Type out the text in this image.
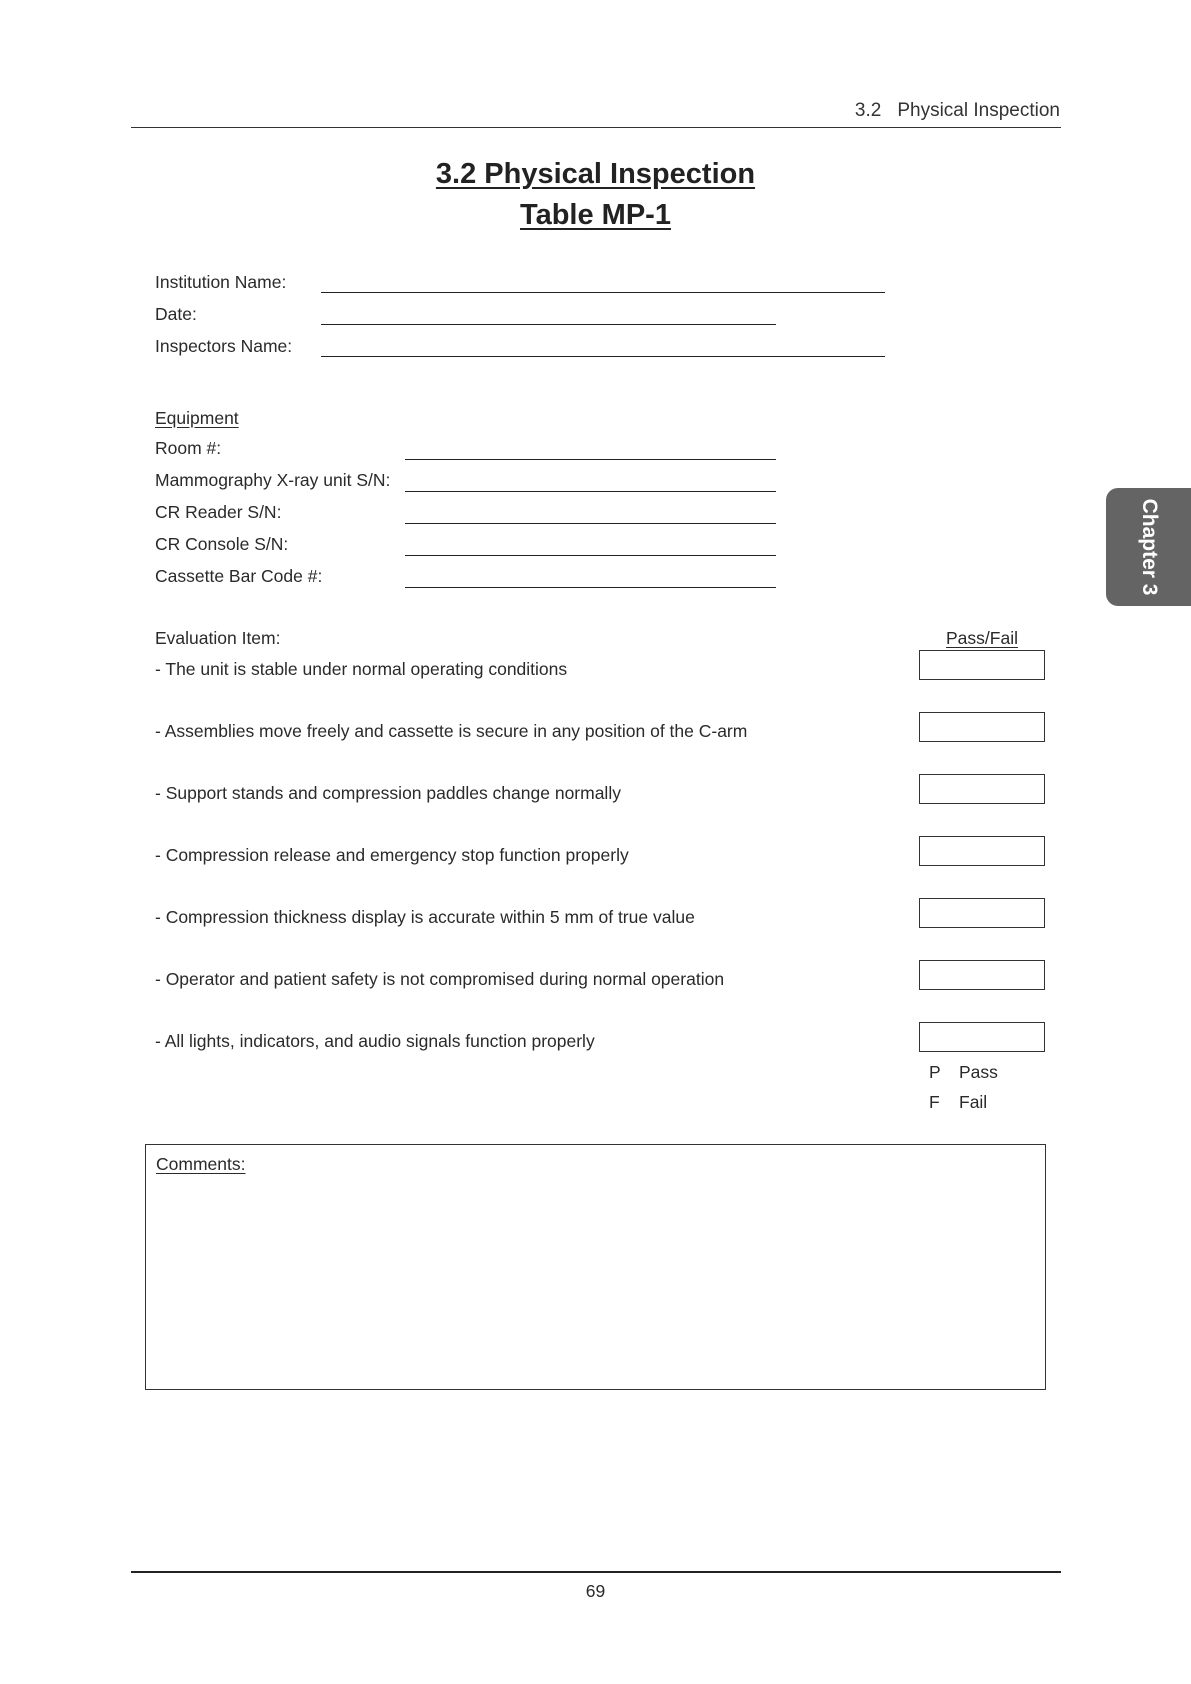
3.2 Physical Inspection
3.2 Physical Inspection
Table MP-1
Institution Name:
Date:
Inspectors Name:
Equipment
Room #:
Mammography X-ray unit S/N:
CR Reader S/N:
CR Console S/N:
Cassette Bar Code #:	Chapter 3
Evaluation Item:	Pass/Fail
- The unit is stable under normal operating conditions
- Assemblies move freely and cassette is secure in any position of the C-arm
- Support stands and compression paddles change normally
- Compression release and emergency stop function properly
- Compression thickness display is accurate within 5 mm of true value
- Operator and patient safety is not compromised during normal operation
- All lights, indicators, and audio signals function properly
P Pass
F Fail
Comments:
69
